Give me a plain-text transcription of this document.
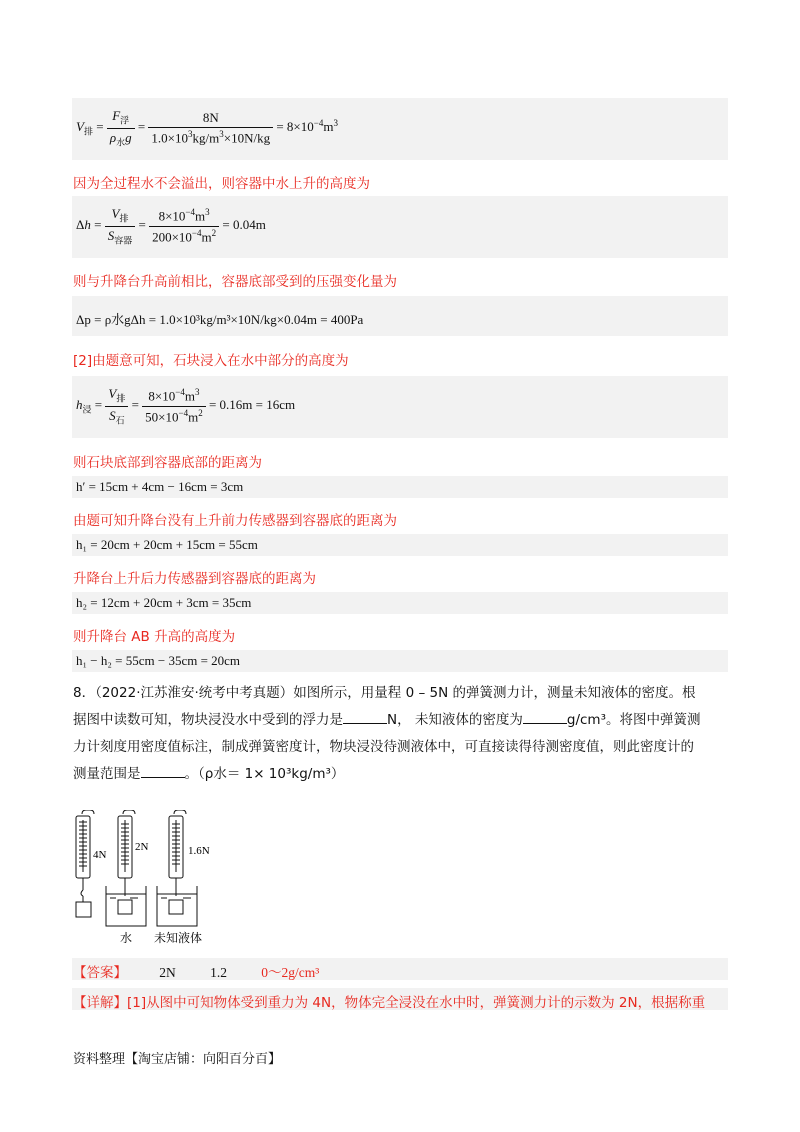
$V_排 = \frac{F_浮}{\rho_水g} = \frac{8N}{1.0\times 10^3kg/m^3\times 10N/kg} = 8\times 10^{-4}m^3$
因为全过程水不会溢出，则容器中水上升的高度为
$\Delta h = \frac{V_排}{S_{容器}} = \frac{8\times 10^{-4}m^3}{200\times 10^{-4}m^2} = 0.04m$
则与升降台升高前相比，容器底部受到的压强变化量为
Δp = ρ水gΔh = 1.0×10³kg/m³×10N/kg×0.04m = 400Pa
[2]由题意可知，石块浸入在水中部分的高度为
$h_浸 = \frac{V_排}{S_石} = \frac{8\times 10^{-4}m^3}{50\times 10^{-4}m^2} = 0.16m = 16cm$
则石块底部到容器底部的距离为
h′ = 15cm + 4cm − 16cm = 3cm
由题可知升降台没有上升前力传感器到容器底的距离为
h₁ = 20cm + 20cm + 15cm = 55cm
升降台上升后力传感器到容器底的距离为
h₂ = 12cm + 20cm + 3cm = 35cm
则升降台 AB 升高的高度为
h₁ − h₂ = 55cm − 35cm = 20cm
8．（2022·江苏淮安·统考中考真题）如图所示，用量程 0 – 5N 的弹簧测力计，测量未知液体的密度。根
据图中读数可知，物块浸没水中受到的浮力是	N， 未知液体的密度为	g/cm³。将图中弹簧测
力计刻度用密度值标注，制成弹簧密度计，物块浸没待测液体中，可直接读得待测密度值，则此密度计的
测量范围是	。（ρ水＝ 1× 10³kg/m³）
4N
2N	1.6N
水 未知液体
【答案】 2N	1.2	0～2g/cm³
【详解】[1]从图中可知物体受到重力为 4N，物体完全浸没在水中时，弹簧测力计的示数为 2N，根据称重
资料整理【淘宝店铺：向阳百分百】
